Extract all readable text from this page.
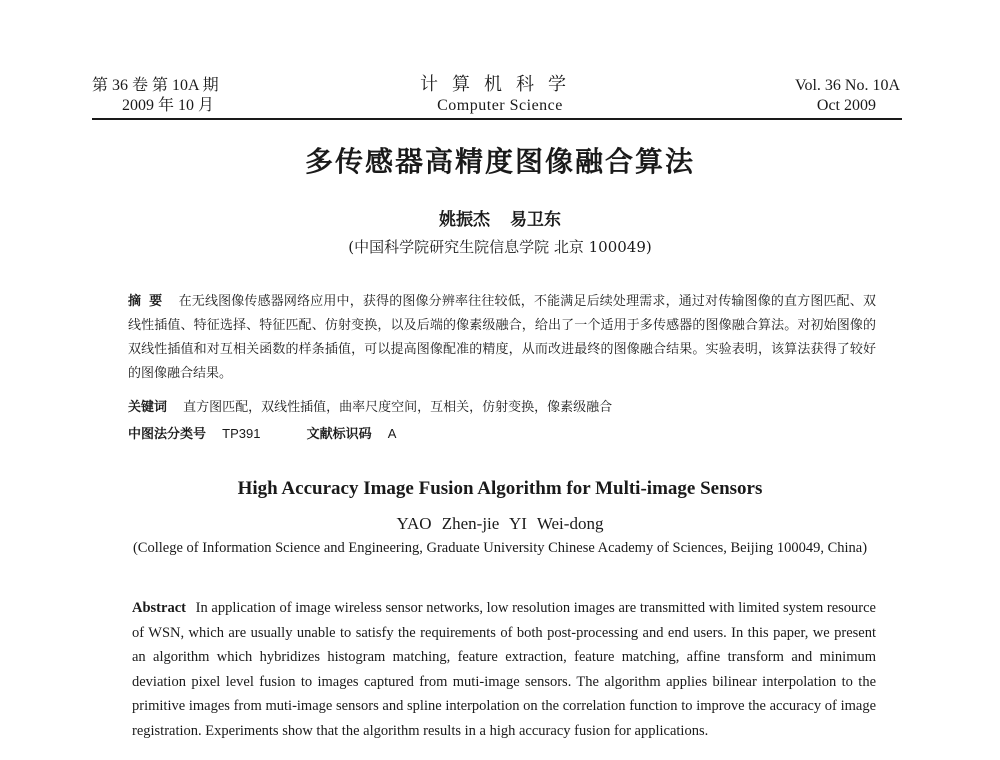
第 36 卷 第 10A 期
2009 年 10 月
计算机科学
Computer Science
Vol. 36 No. 10A
Oct 2009
多传感器高精度图像融合算法
姚振杰 易卫东
(中国科学院研究生院信息学院 北京 100049)
摘要 在无线图像传感器网络应用中，获得的图像分辨率往往较低，不能满足后续处理需求，通过对传输图像的直方图匹配、双线性插值、特征选择、特征匹配、仿射变换，以及后端的像素级融合，给出了一个适用于多传感器的图像融合算法。对初始图像的双线性插值和对互相关函数的样条插值，可以提高图像配准的精度，从而改进最终的图像融合结果。实验表明，该算法获得了较好的图像融合结果。
关键词 直方图匹配，双线性插值，曲率尺度空间，互相关，仿射变换，像素级融合
中图法分类号 TP391	文献标识码 A
High Accuracy Image Fusion Algorithm for Multi-image Sensors
YAO Zhen-jie YI Wei-dong
(College of Information Science and Engineering, Graduate University Chinese Academy of Sciences, Beijing 100049, China)
Abstract In application of image wireless sensor networks, low resolution images are transmitted with limited system resource of WSN, which are usually unable to satisfy the requirements of both post-processing and end users. In this paper, we present an algorithm which hybridizes histogram matching, feature extraction, feature matching, affine transform and minimum deviation pixel level fusion to images captured from muti-image sensors. The algorithm applies bilinear interpolation to the primitive images from muti-image sensors and spline interpolation on the correlation function to improve the accuracy of image registration. Experiments show that the algorithm results in a high accuracy fusion for applications.
